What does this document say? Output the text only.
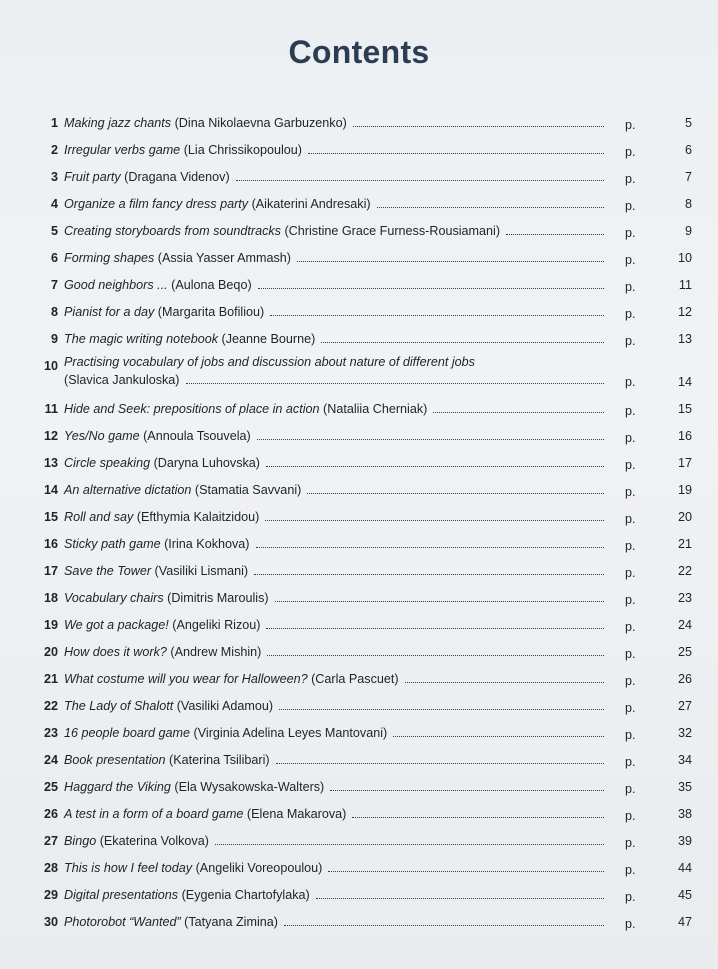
Contents
1 Making jazz chants (Dina Nikolaevna Garbuzenko)	p.	5
2 Irregular verbs game (Lia Chrissikopoulou)	p.	6
3 Fruit party (Dragana Videnov)	p.	7
4 Organize a film fancy dress party (Aikaterini Andresaki)	p.	8
5 Creating storyboards from soundtracks (Christine Grace Furness-Rousiamani)	p.	9
6 Forming shapes (Assia Yasser Ammash)	p.	10
7 Good neighbors ... (Aulona Beqo)	p.	11
8 Pianist for a day (Margarita Bofiliou)	p.	12
9 The magic writing notebook (Jeanne Bourne)	p.	13
10 Practising vocabulary of jobs and discussion about nature of different jobs
(Slavica Jankuloska)	p.	14
11 Hide and Seek: prepositions of place in action (Nataliia Cherniak)	p.	15
12 Yes/No game (Annoula Tsouvela)	p.	16
13 Circle speaking (Daryna Luhovska)	p.	17
14 An alternative dictation (Stamatia Savvani)	p.	19
15 Roll and say (Efthymia Kalaitzidou)	p.	20
16 Sticky path game (Irina Kokhova)	p.	21
17 Save the Tower (Vasiliki Lismani)	p.	22
18 Vocabulary chairs (Dimitris Maroulis)	p.	23
19 We got a package! (Angeliki Rizou)	p.	24
20 How does it work? (Andrew Mishin)	p.	25
21 What costume will you wear for Halloween? (Carla Pascuet)	p.	26
22 The Lady of Shalott (Vasiliki Adamou)	p.	27
23 16 people board game (Virginia Adelina Leyes Mantovani)	p.	32
24 Book presentation (Katerina Tsilibari)	p.	34
25 Haggard the Viking (Ela Wysakowska-Walters)	p.	35
26 A test in a form of a board game (Elena Makarova)	p.	38
27 Bingo (Ekaterina Volkova)	p.	39
28 This is how I feel today (Angeliki Voreopoulou)	p.	44
29 Digital presentations (Eygenia Chartofylaka)	p.	45
30 Photorobot “Wanted” (Tatyana Zimina)	p.	47
